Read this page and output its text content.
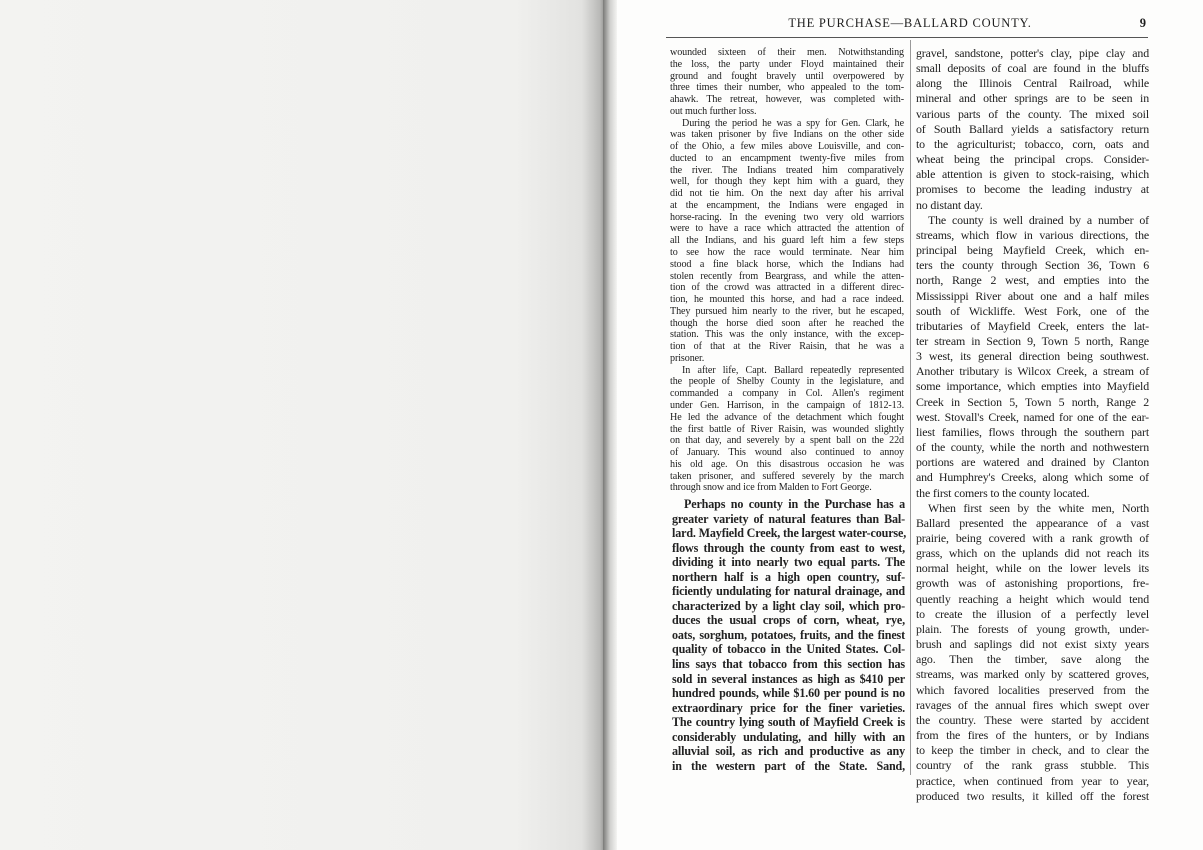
THE PURCHASE—BALLARD COUNTY.	9
wounded sixteen of their men. Notwithstanding
the loss, the party under Floyd maintained their
ground and fought bravely until overpowered by
three times their number, who appealed to the tom-
ahawk. The retreat, however, was completed with-
out much further loss.
During the period he was a spy for Gen. Clark, he
was taken prisoner by five Indians on the other side
of the Ohio, a few miles above Louisville, and con-
ducted to an encampment twenty-five miles from
the river. The Indians treated him comparatively
well, for though they kept him with a guard, they
did not tie him. On the next day after his arrival
at the encampment, the Indians were engaged in
horse-racing. In the evening two very old warriors
were to have a race which attracted the attention of
all the Indians, and his guard left him a few steps
to see how the race would terminate. Near him
stood a fine black horse, which the Indians had
stolen recently from Beargrass, and while the atten-
tion of the crowd was attracted in a different direc-
tion, he mounted this horse, and had a race indeed.
They pursued him nearly to the river, but he escaped,
though the horse died soon after he reached the
station. This was the only instance, with the excep-
tion of that at the River Raisin, that he was a
prisoner.
In after life, Capt. Ballard repeatedly represented
the people of Shelby County in the legislature, and
commanded a company in Col. Allen's regiment
under Gen. Harrison, in the campaign of 1812-13.
He led the advance of the detachment which fought
the first battle of River Raisin, was wounded slightly
on that day, and severely by a spent ball on the 22d
of January. This wound also continued to annoy
his old age. On this disastrous occasion he was
taken prisoner, and suffered severely by the march
through snow and ice from Malden to Fort George.
Perhaps no county in the Purchase has a
greater variety of natural features than Bal-
lard. Mayfield Creek, the largest water-course,
flows through the county from east to west,
dividing it into nearly two equal parts. The
northern half is a high open country, suf-
ficiently undulating for natural drainage, and
characterized by a light clay soil, which pro-
duces the usual crops of corn, wheat, rye,
oats, sorghum, potatoes, fruits, and the finest
quality of tobacco in the United States. Col-
lins says that tobacco from this section has
sold in several instances as high as $410 per
hundred pounds, while $1.60 per pound is no
extraordinary price for the finer varieties.
The country lying south of Mayfield Creek is
considerably undulating, and hilly with an
alluvial soil, as rich and productive as any
in the western part of the State. Sand,
gravel, sandstone, potter's clay, pipe clay and
small deposits of coal are found in the bluffs
along the Illinois Central Railroad, while
mineral and other springs are to be seen in
various parts of the county. The mixed soil
of South Ballard yields a satisfactory return
to the agriculturist; tobacco, corn, oats and
wheat being the principal crops. Consider-
able attention is given to stock-raising, which
promises to become the leading industry at
no distant day.
The county is well drained by a number of
streams, which flow in various directions, the
principal being Mayfield Creek, which en-
ters the county through Section 36, Town 6
north, Range 2 west, and empties into the
Mississippi River about one and a half miles
south of Wickliffe. West Fork, one of the
tributaries of Mayfield Creek, enters the lat-
ter stream in Section 9, Town 5 north, Range
3 west, its general direction being southwest.
Another tributary is Wilcox Creek, a stream of
some importance, which empties into Mayfield
Creek in Section 5, Town 5 north, Range 2
west. Stovall's Creek, named for one of the ear-
liest families, flows through the southern part
of the county, while the north and nothwestern
portions are watered and drained by Clanton
and Humphrey's Creeks, along which some of
the first comers to the county located.
When first seen by the white men, North
Ballard presented the appearance of a vast
prairie, being covered with a rank growth of
grass, which on the uplands did not reach its
normal height, while on the lower levels its
growth was of astonishing proportions, fre-
quently reaching a height which would tend
to create the illusion of a perfectly level
plain. The forests of young growth, under-
brush and saplings did not exist sixty years
ago. Then the timber, save along the
streams, was marked only by scattered groves,
which favored localities preserved from the
ravages of the annual fires which swept over
the country. These were started by accident
from the fires of the hunters, or by Indians
to keep the timber in check, and to clear the
country of the rank grass stubble. This
practice, when continued from year to year,
produced two results, it killed off the forest
